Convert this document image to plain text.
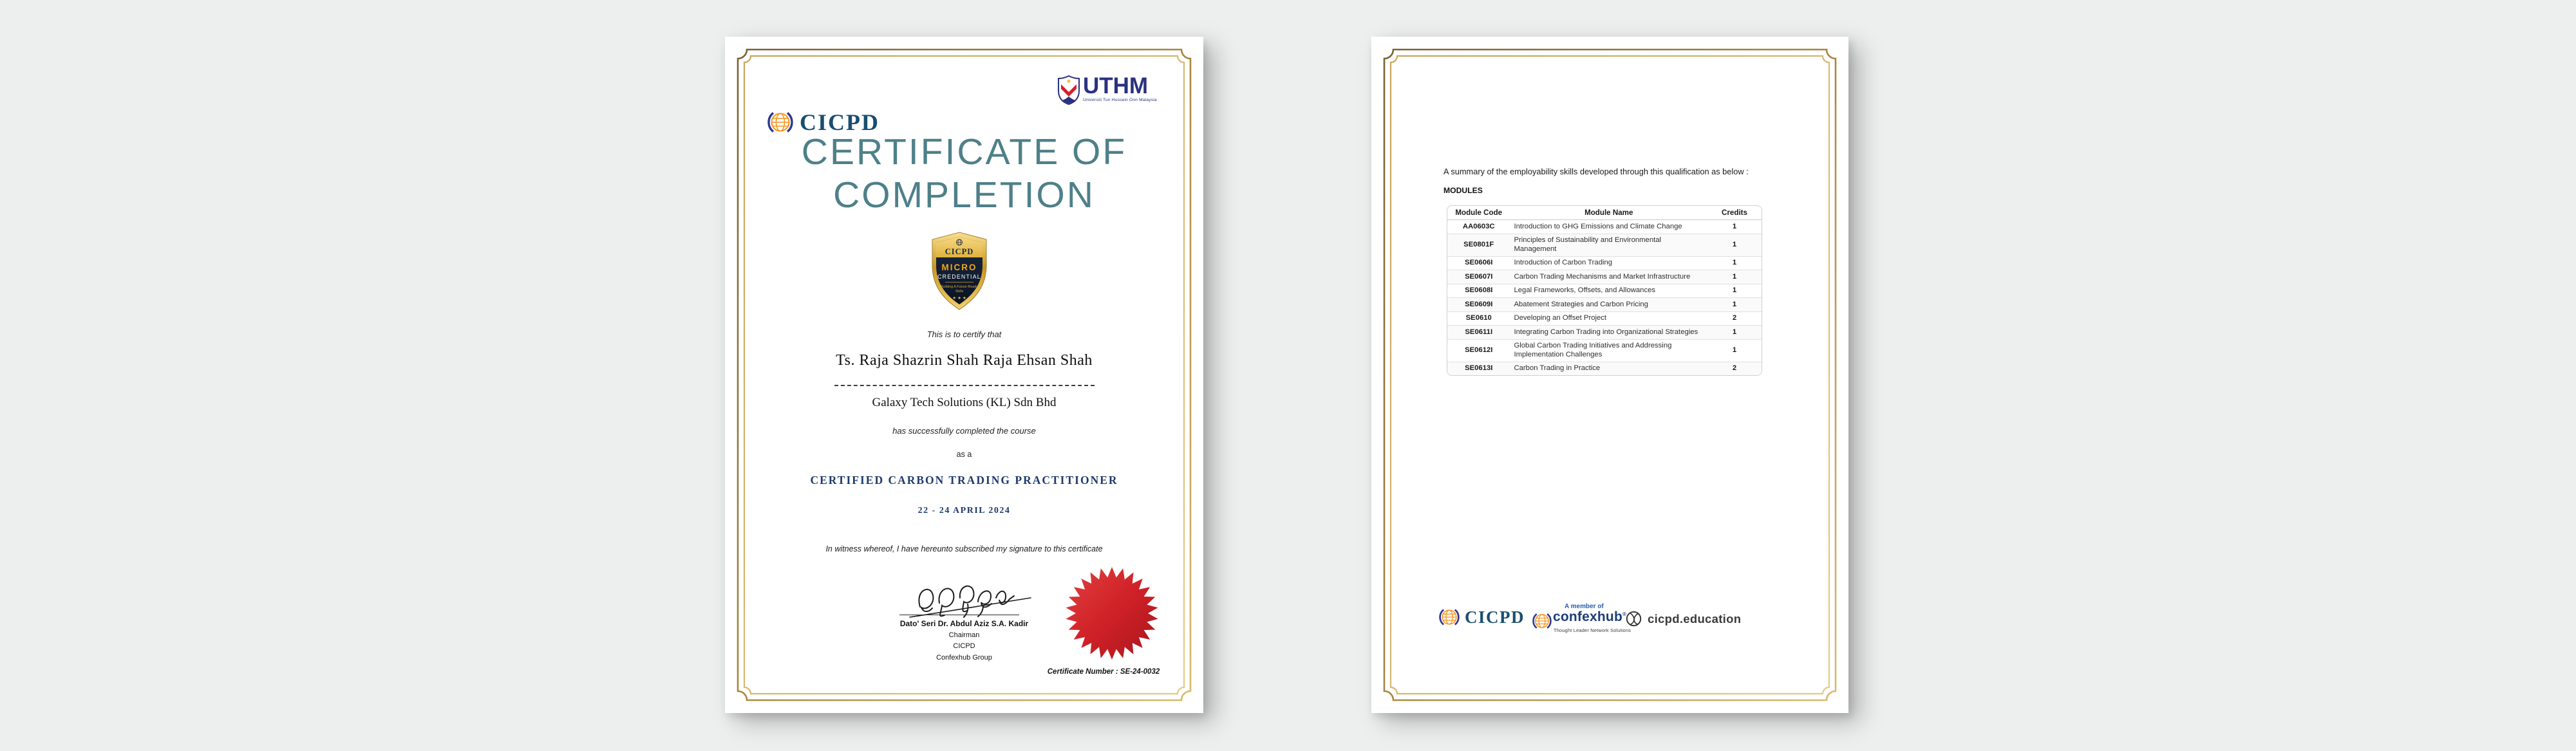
CICPD
UTHM
Universiti Tun Hussein Onn Malaysia
CERTIFICATE OF
COMPLETION
CICPD
MICRO
CREDENTIAL
Building A Future-Ready
Skills
★ ★ ★ ★ ★
This is to certify that
Ts. Raja Shazrin Shah Raja Ehsan Shah
Galaxy Tech Solutions (KL) Sdn Bhd
has successfully completed the course
as a
CERTIFIED CARBON TRADING PRACTITIONER
22 - 24 APRIL 2024
In witness whereof, I have hereunto subscribed my signature to this certificate
Dato' Seri Dr. Abdul Aziz S.A. Kadir
Chairman
CICPD
Confexhub Group
Certificate Number : SE-24-0032
A summary of the employability skills developed through this qualification as below :
MODULES
Module Code	Module Name	Credits
AA0603C	Introduction to GHG Emissions and Climate Change	1
SE0801F	Principles of Sustainability and Environmental Management	1
SE0606I	Introduction of Carbon Trading	1
SE0607I	Carbon Trading Mechanisms and Market Infrastructure	1
SE0608I	Legal Frameworks, Offsets, and Allowances	1
SE0609I	Abatement Strategies and Carbon Pricing	1
SE0610	Developing an Offset Project	2
SE0611I	Integrating Carbon Trading into Organizational Strategies	1
SE0612I	Global Carbon Trading Initiatives and Addressing Implementation Challenges	1
SE0613I	Carbon Trading in Practice	2
CICPD
A member of
confexhub®
Thought Leader Network Solutions
cicpd.education
